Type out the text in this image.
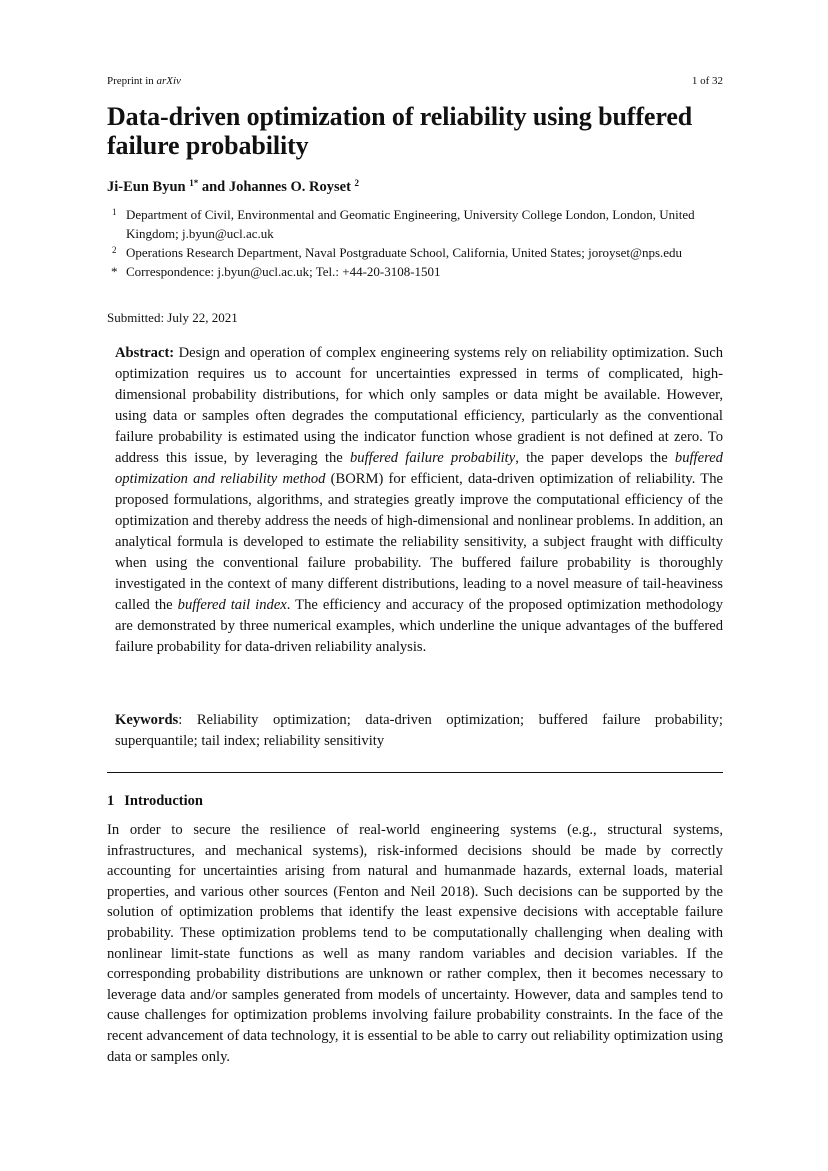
Preprint in arXiv	1 of 32
Data-driven optimization of reliability using buffered failure probability
Ji-Eun Byun $^{1*}$ and Johannes O. Royset $^2$
1 Department of Civil, Environmental and Geomatic Engineering, University College London, London, United Kingdom; j.byun@ucl.ac.uk
2 Operations Research Department, Naval Postgraduate School, California, United States; joroyset@nps.edu
* Correspondence: j.byun@ucl.ac.uk; Tel.: +44-20-3108-1501
Submitted: July 22, 2021

Abstract: Design and operation of complex engineering systems rely on reliability optimization. Such optimization requires us to account for uncertainties expressed in terms of complicated, high-dimensional probability distributions, for which only samples or data might be available. However, using data or samples often degrades the computational efficiency, particularly as the conventional failure probability is estimated using the indicator function whose gradient is not defined at zero. To address this issue, by leveraging the buffered failure probability, the paper develops the buffered optimization and reliability method (BORM) for efficient, data-driven optimization of reliability. The proposed formulations, algorithms, and strategies greatly improve the computational efficiency of the optimization and thereby address the needs of high-dimensional and nonlinear problems. In addition, an analytical formula is developed to estimate the reliability sensitivity, a subject fraught with difficulty when using the conventional failure probability. The buffered failure probability is thoroughly investigated in the context of many different distributions, leading to a novel measure of tail-heaviness called the buffered tail index. The efficiency and accuracy of the proposed optimization methodology are demonstrated by three numerical examples, which underline the unique advantages of the buffered failure probability for data-driven reliability analysis.

Keywords: Reliability optimization; data-driven optimization; buffered failure probability; superquantile; tail index; reliability sensitivity

1 Introduction

In order to secure the resilience of real-world engineering systems (e.g., structural systems, infrastructures, and mechanical systems), risk-informed decisions should be made by correctly accounting for uncertainties arising from natural and humanmade hazards, external loads, material properties, and various other sources (Fenton and Neil 2018). Such decisions can be supported by the solution of optimization problems that identify the least expensive decisions with acceptable failure probability. These optimization problems tend to be computationally challenging when dealing with nonlinear limit-state functions as well as many random variables and decision variables. If the corresponding probability distributions are unknown or rather complex, then it becomes necessary to leverage data and/or samples generated from models of uncertainty. However, data and samples tend to cause challenges for optimization problems involving failure probability constraints. In the face of the recent advancement of data technology, it is essential to be able to carry out reliability optimization using data or samples only.
